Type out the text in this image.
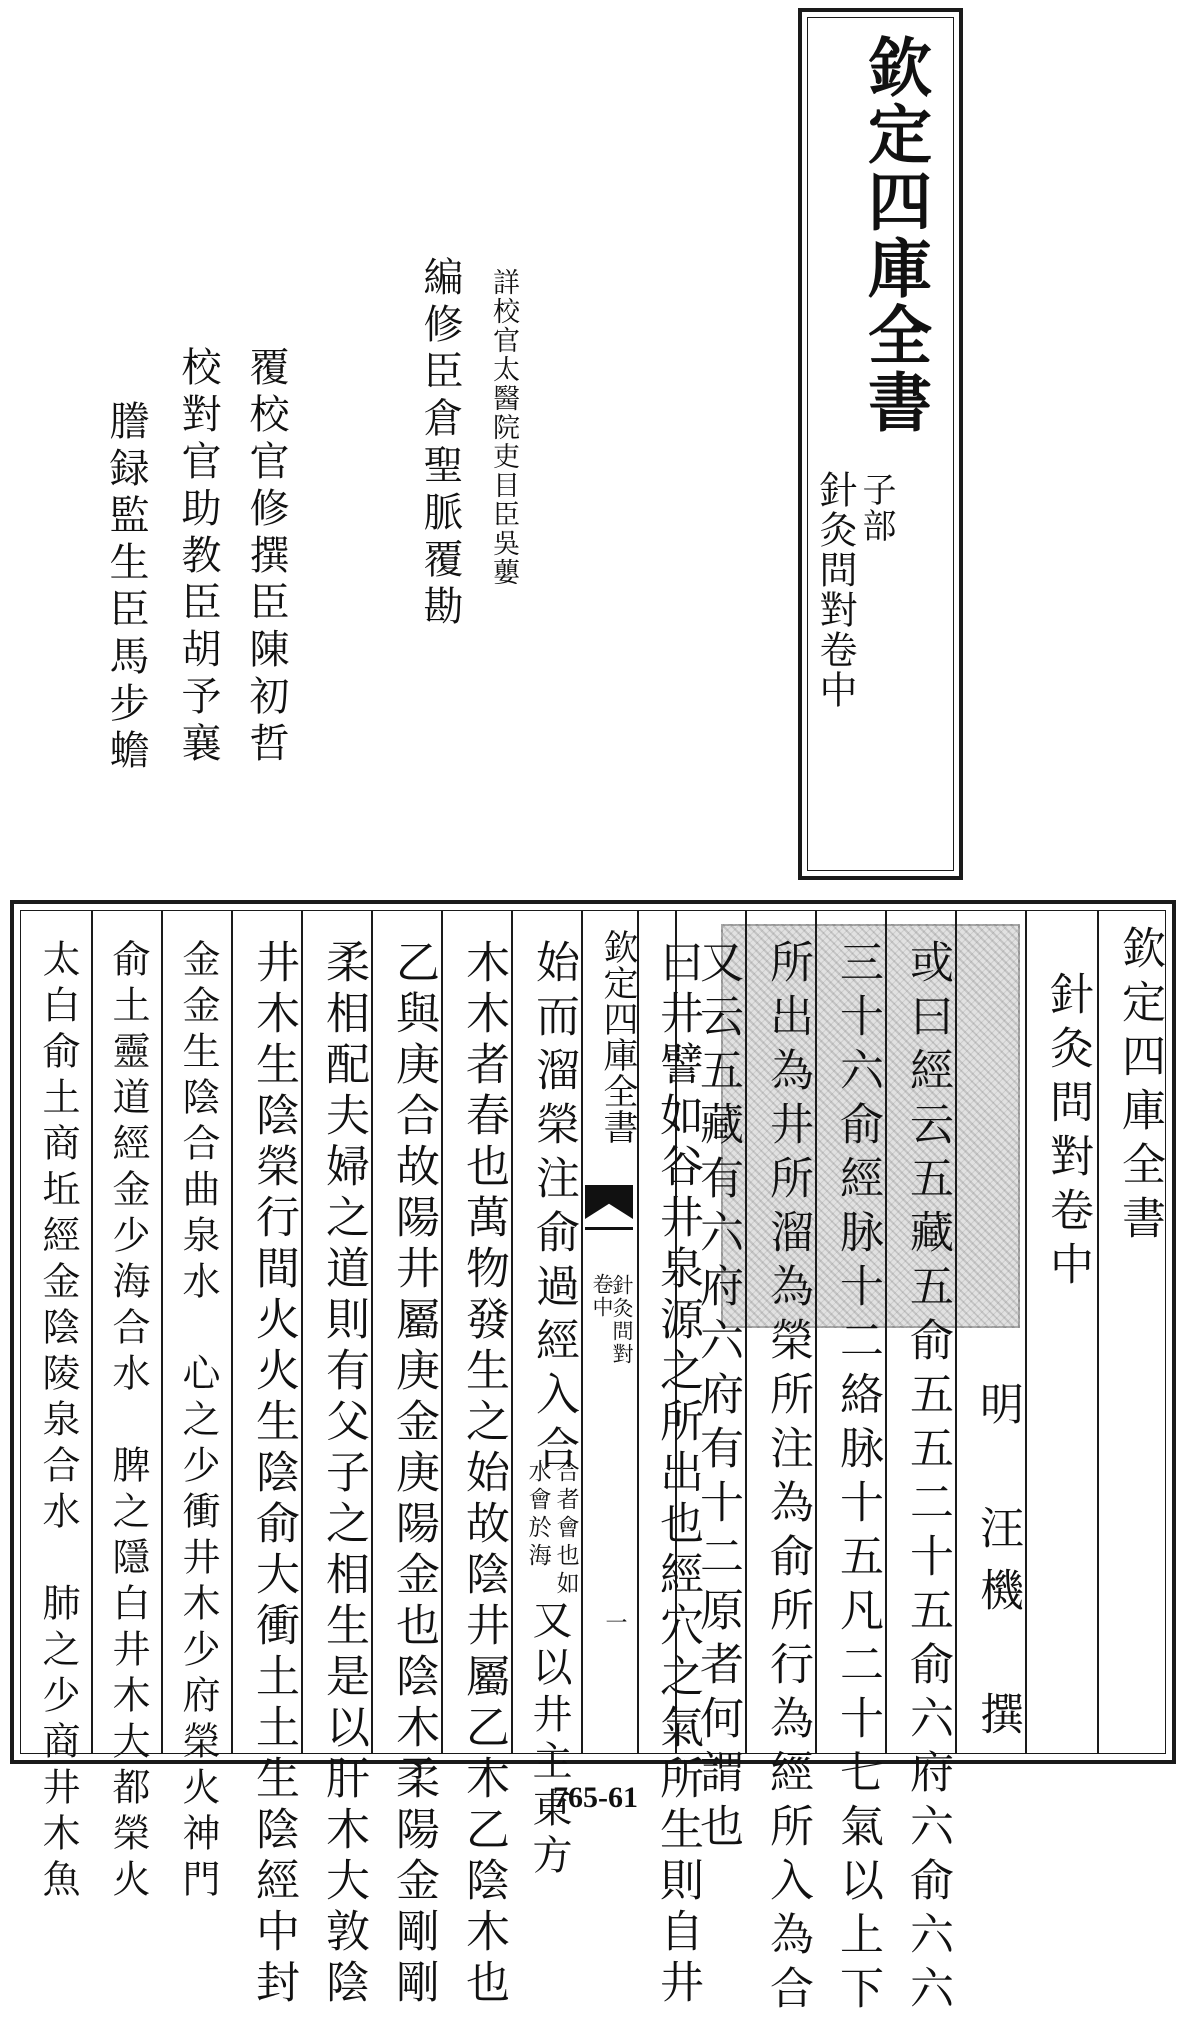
欽定四庫全書
子部
針灸問對卷中
詳校官太醫院吏目臣吳蘡
編修臣倉聖脈覆勘
覆校官修撰臣陳初哲
校對官助教臣胡予襄
謄録監生臣馬步蟾
欽定四庫全書
針灸問對卷中
明　汪機　撰
或曰經云五藏五俞五五二十五俞六府六俞六六
三十六俞經脉十二絡脉十五凡二十七氣以上下
所出為井所溜為榮所注為俞所行為經所入為合
又云五藏有六府六府有十二原者何謂也
欽定四庫全書
針灸問對
卷中
一 曰井譬如谷井泉源之所出也經穴之氣所生則自井
始而溜榮注俞過經入合
合者會也如
水會於海
又以井主東方
木木者春也萬物發生之始故陰井屬乙木乙陰木也
乙與庚合故陽井屬庚金庚陽金也陰木柔陽金剛剛
柔相配夫婦之道則有父子之相生是以肝木大敦陰
井木生陰榮行間火火生陰俞大衝土土生陰經中封
金金生陰合曲泉水　心之少衝井木少府榮火神門
俞土靈道經金少海合水　脾之隱白井木大都榮火
太白俞土商坵經金陰陵泉合水　肺之少商井木魚	765-61
